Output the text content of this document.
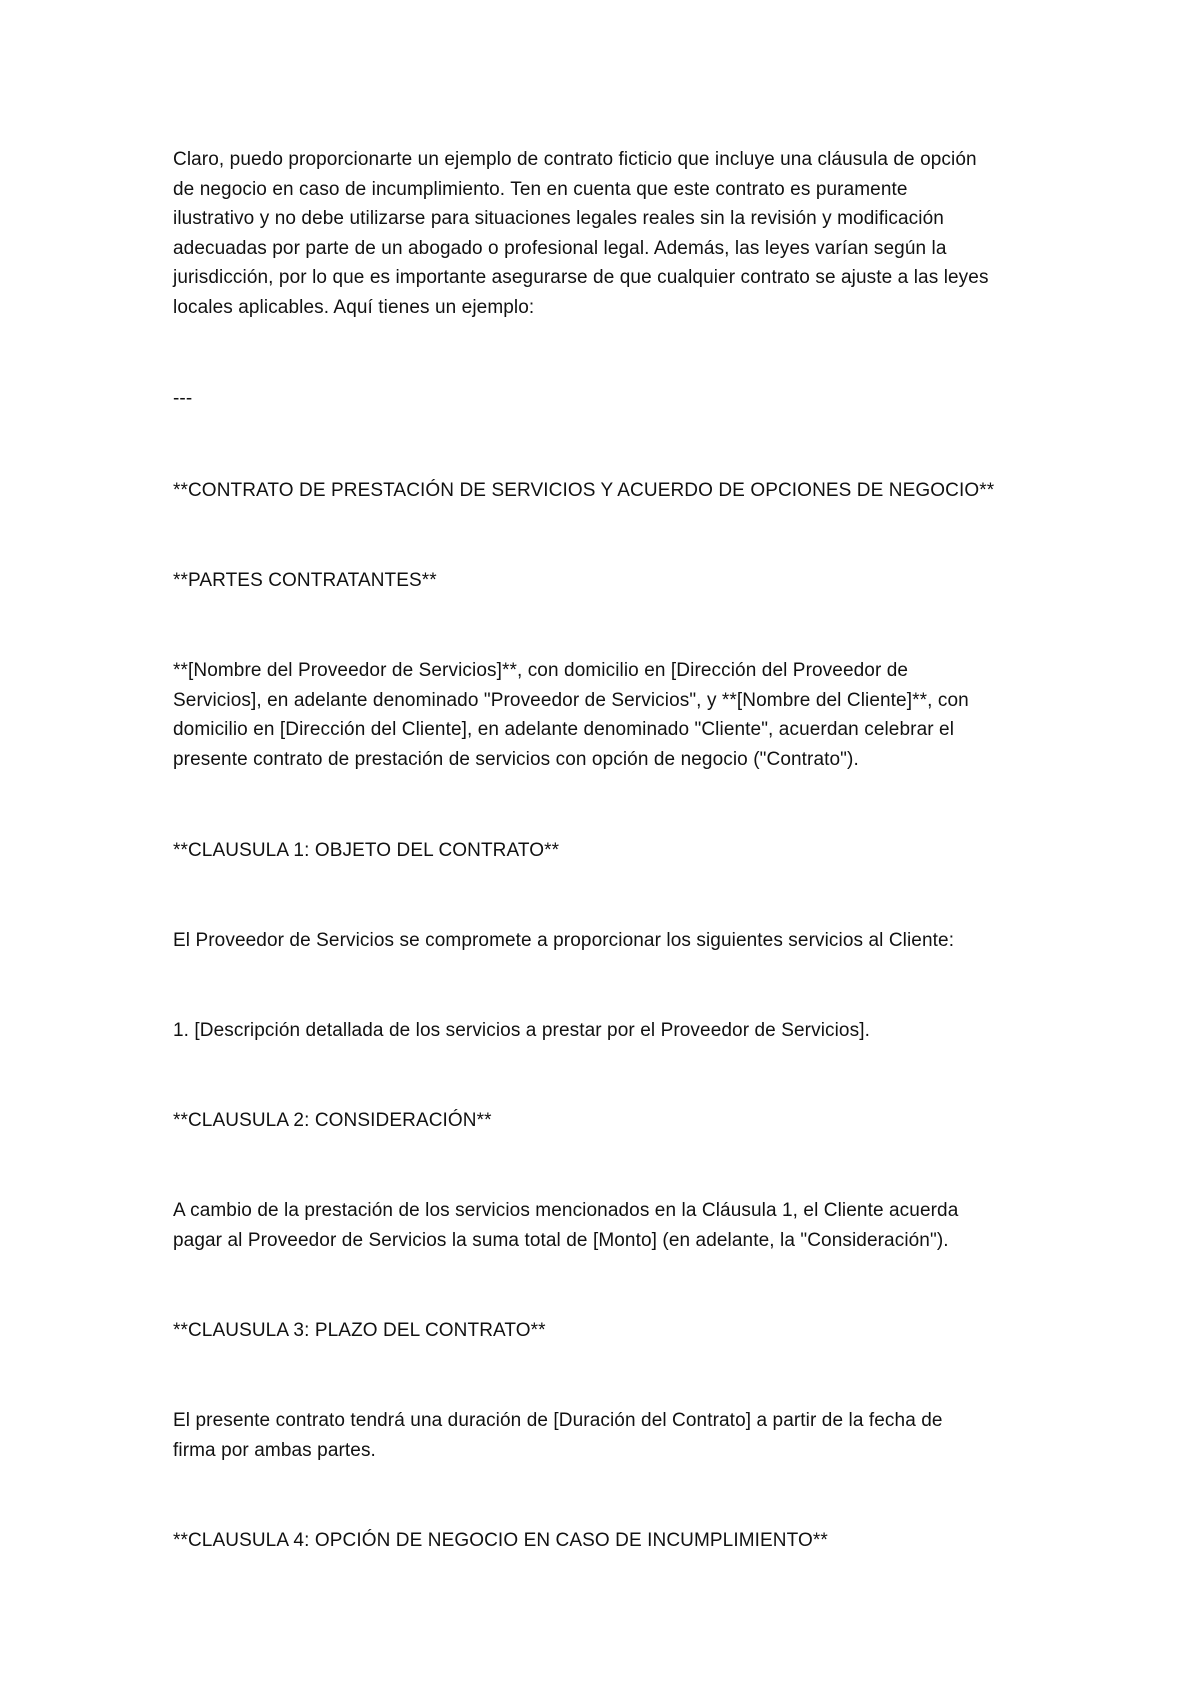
Claro, puedo proporcionarte un ejemplo de contrato ficticio que incluye una cláusula de opción
de negocio en caso de incumplimiento. Ten en cuenta que este contrato es puramente
ilustrativo y no debe utilizarse para situaciones legales reales sin la revisión y modificación
adecuadas por parte de un abogado o profesional legal. Además, las leyes varían según la
jurisdicción, por lo que es importante asegurarse de que cualquier contrato se ajuste a las leyes
locales aplicables. Aquí tienes un ejemplo:
---
**CONTRATO DE PRESTACIÓN DE SERVICIOS Y ACUERDO DE OPCIONES DE NEGOCIO**
**PARTES CONTRATANTES**
**[Nombre del Proveedor de Servicios]**, con domicilio en [Dirección del Proveedor de
Servicios], en adelante denominado "Proveedor de Servicios", y **[Nombre del Cliente]**, con
domicilio en [Dirección del Cliente], en adelante denominado "Cliente", acuerdan celebrar el
presente contrato de prestación de servicios con opción de negocio ("Contrato").
**CLAUSULA 1: OBJETO DEL CONTRATO**
El Proveedor de Servicios se compromete a proporcionar los siguientes servicios al Cliente:
1. [Descripción detallada de los servicios a prestar por el Proveedor de Servicios].
**CLAUSULA 2: CONSIDERACIÓN**
A cambio de la prestación de los servicios mencionados en la Cláusula 1, el Cliente acuerda
pagar al Proveedor de Servicios la suma total de [Monto] (en adelante, la "Consideración").
**CLAUSULA 3: PLAZO DEL CONTRATO**
El presente contrato tendrá una duración de [Duración del Contrato] a partir de la fecha de
firma por ambas partes.
**CLAUSULA 4: OPCIÓN DE NEGOCIO EN CASO DE INCUMPLIMIENTO**
